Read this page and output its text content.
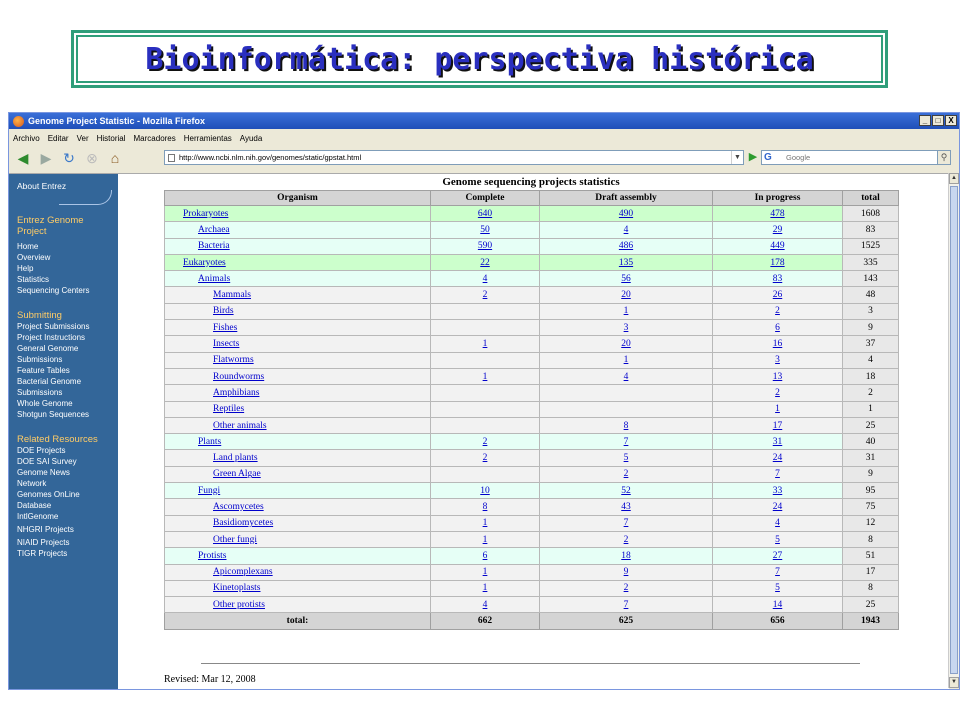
Bioinformática: perspectiva histórica
Genome Project Statistic - Mozilla Firefox	_	□ X
Archivo Editar Ver Historial Marcadores Herramientas Ayuda
◀ ▶ ↻ ⊗ ⌂	http://www.ncbi.nlm.nih.gov/genomes/static/gpstat.html	▼ ▶ G Google	⚲
About Entrez
Entrez Genome Project
Home
Overview
Help
Statistics
Sequencing Centers
Submitting
Project Submissions
Project Instructions
General Genome
Submissions
Feature Tables
Bacterial Genome
Submissions
Whole Genome
Shotgun Sequences
Related Resources
DOE Projects
DOE SAI Survey
Genome News
Network
Genomes OnLine
Database
IntlGenome
NHGRI Projects
NIAID Projects
TIGR Projects
Genome sequencing projects statistics
Organism	Complete	Draft assembly	In progress	total
Prokaryotes	640	490	478	1608
Archaea	50	4	29	83
Bacteria	590	486	449	1525
Eukaryotes	22	135	178	335
Animals	4	56	83	143
Mammals	2	20	26	48
Birds		1	2	3
Fishes		3	6	9
Insects	1	20	16	37
Flatworms		1	3	4
Roundworms	1	4	13	18
Amphibians			2	2
Reptiles			1	1
Other animals		8	17	25
Plants	2	7	31	40
Land plants	2	5	24	31
Green Algae		2	7	9
Fungi	10	52	33	95
Ascomycetes	8	43	24	75
Basidiomycetes	1	7	4	12
Other fungi	1	2	5	8
Protists	6	18	27	51
Apicomplexans	1	9	7	17
Kinetoplasts	1	2	5	8
Other protists	4	7	14	25
total:	662	625	656	1943
Revised: Mar 12, 2008
▲
▼
